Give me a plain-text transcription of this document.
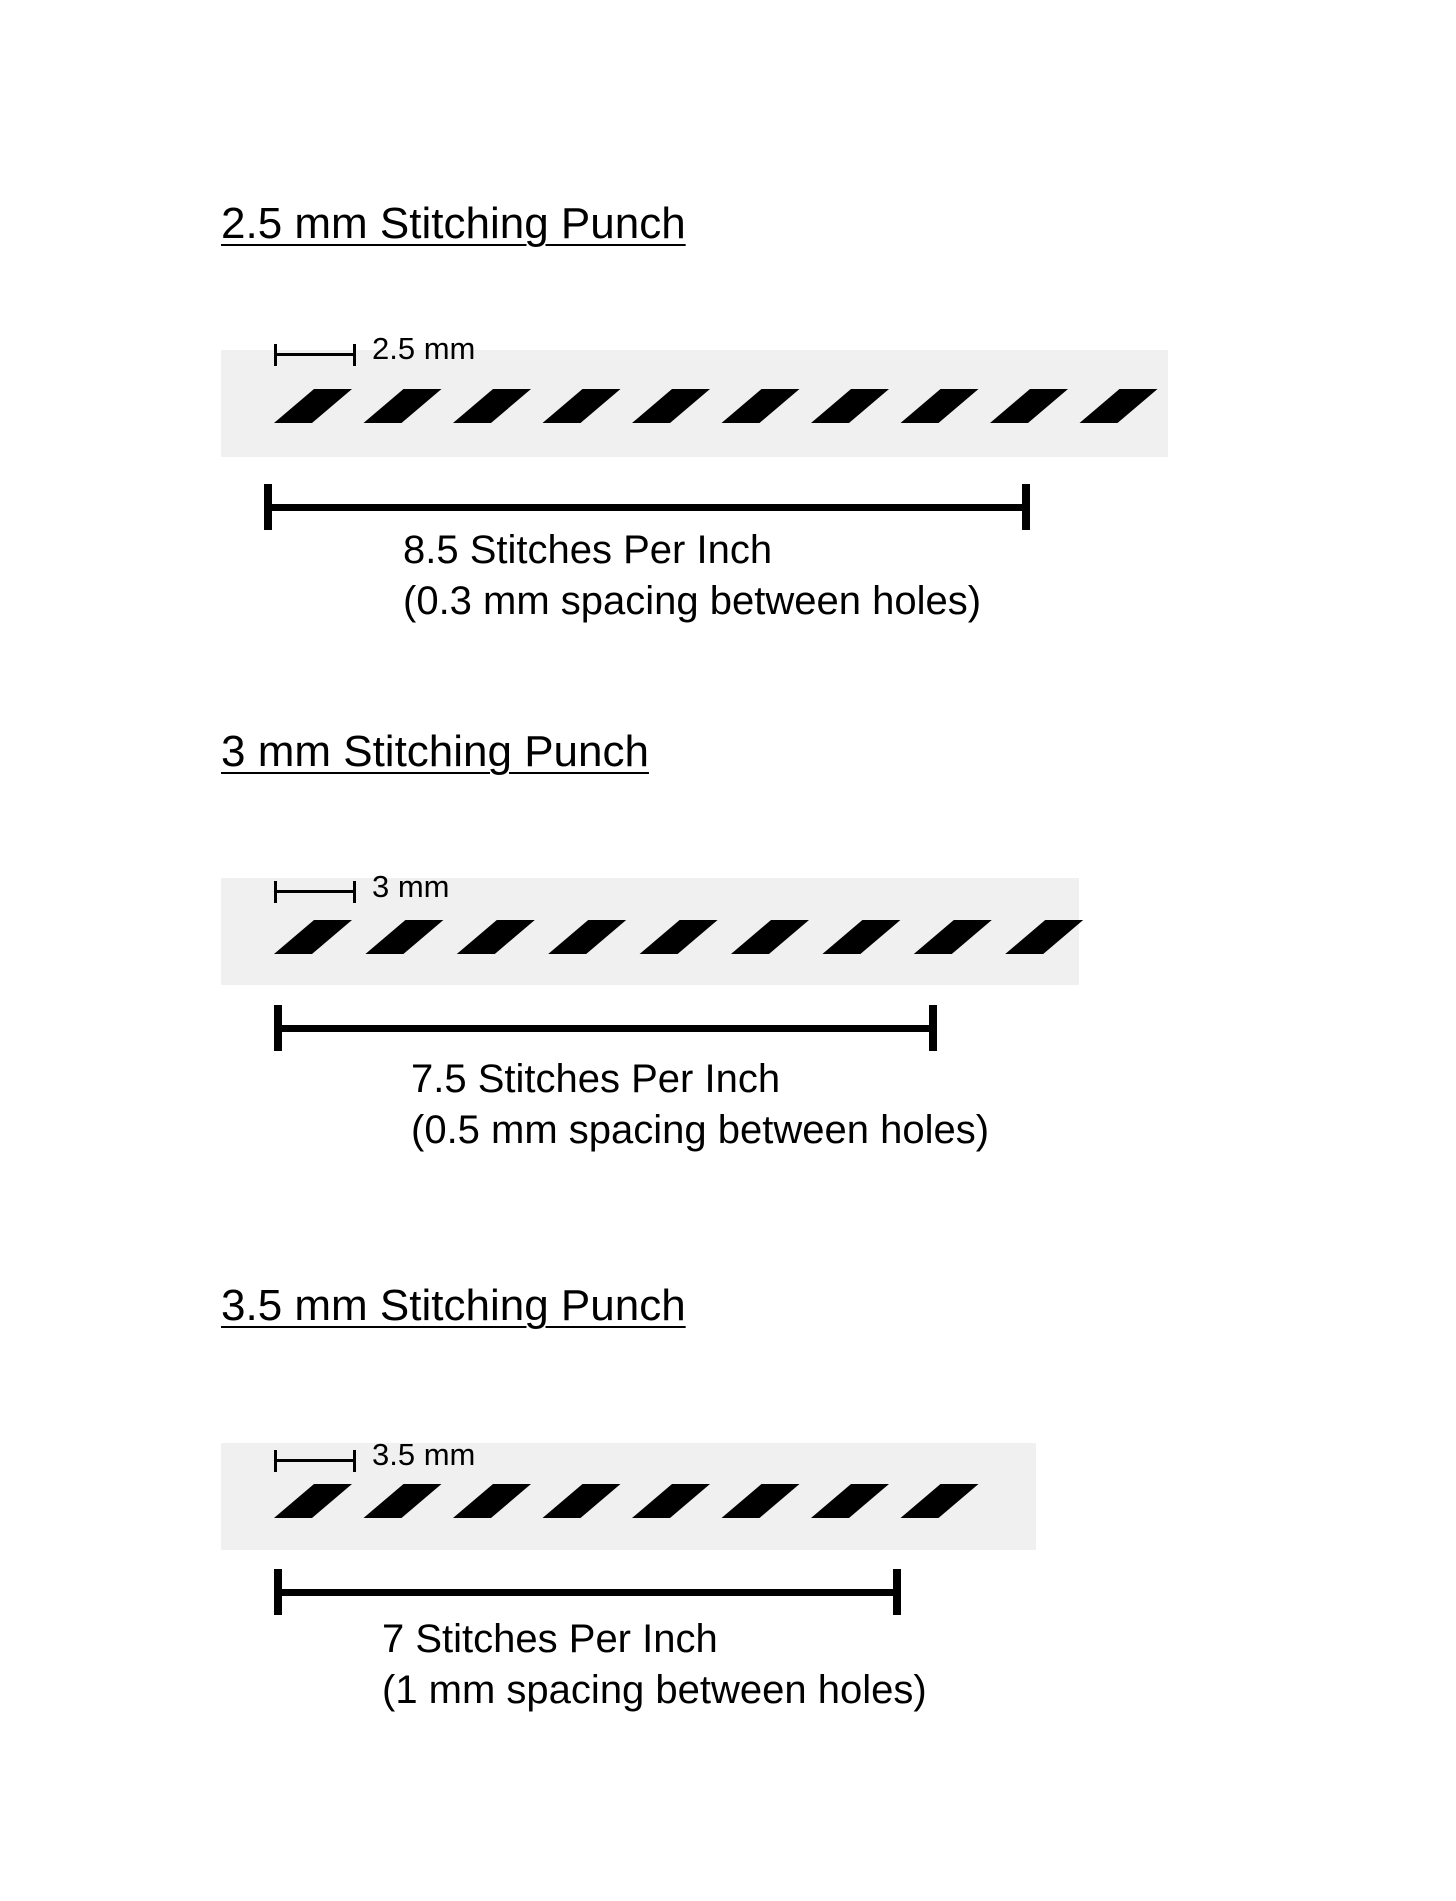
2.5 mm Stitching Punch
2.5 mm
8.5 Stitches Per Inch
(0.3 mm spacing between holes)
3 mm Stitching Punch
3 mm
7.5 Stitches Per Inch
(0.5 mm spacing between holes)
3.5 mm Stitching Punch
3.5 mm
7 Stitches Per Inch
(1 mm spacing between holes)
